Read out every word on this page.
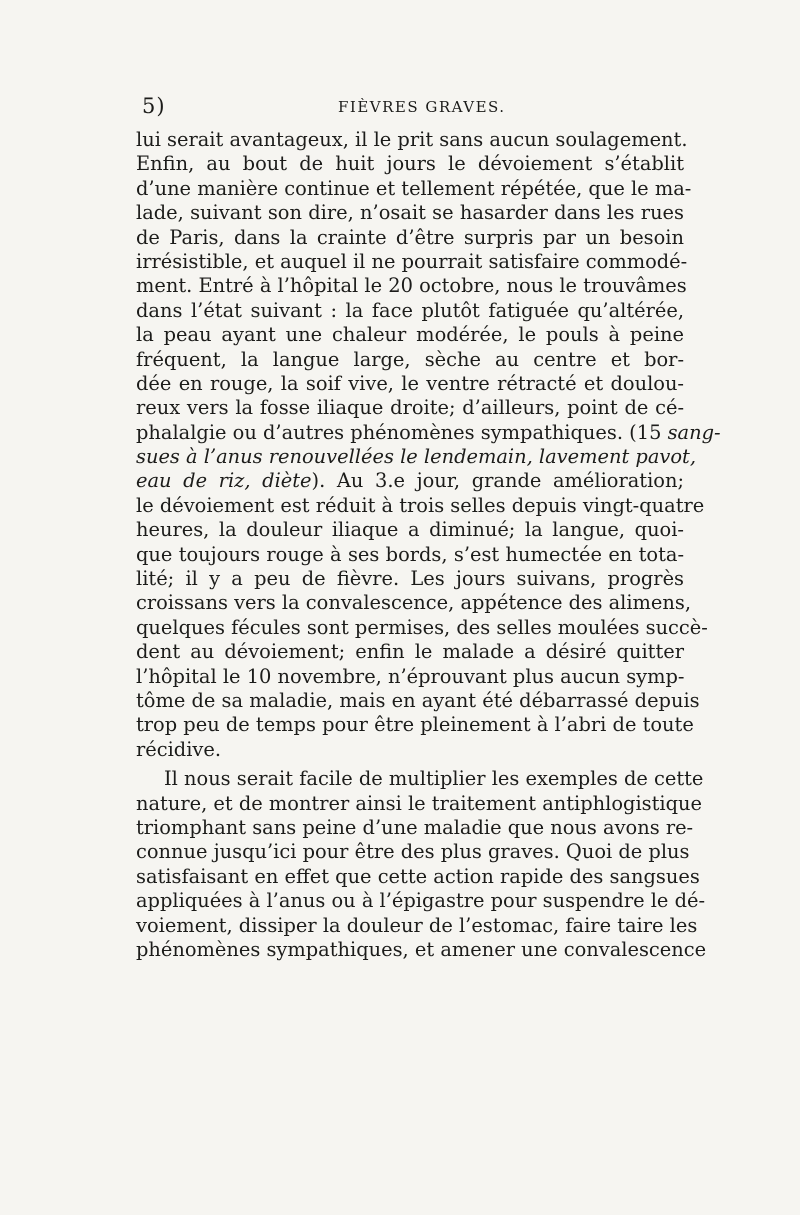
5)	FIÈVRES GRAVES.
lui serait avantageux, il le prit sans aucun soulagement.
Enfin, au bout de huit jours le dévoiement s’établit
d’une manière continue et tellement répétée, que le ma-
lade, suivant son dire, n’osait se hasarder dans les rues
de Paris, dans la crainte d’être surpris par un besoin
irrésistible, et auquel il ne pourrait satisfaire commodé-
ment. Entré à l’hôpital le 20 octobre, nous le trouvâmes
dans l’état suivant : la face plutôt fatiguée qu’altérée,
la peau ayant une chaleur modérée, le pouls à peine
fréquent, la langue large, sèche au centre et bor-
dée en rouge, la soif vive, le ventre rétracté et doulou-
reux vers la fosse iliaque droite; d’ailleurs, point de cé-
phalalgie ou d’autres phénomènes sympathiques. (15 sang-
sues à l’anus renouvellées le lendemain, lavement pavot,
eau de riz, diète). Au 3.e jour, grande amélioration;
le dévoiement est réduit à trois selles depuis vingt-quatre
heures, la douleur iliaque a diminué; la langue, quoi-
que toujours rouge à ses bords, s’est humectée en tota-
lité; il y a peu de fièvre. Les jours suivans, progrès
croissans vers la convalescence, appétence des alimens,
quelques fécules sont permises, des selles moulées succè-
dent au dévoiement; enfin le malade a désiré quitter
l’hôpital le 10 novembre, n’éprouvant plus aucun symp-
tôme de sa maladie, mais en ayant été débarrassé depuis
trop peu de temps pour être pleinement à l’abri de toute
récidive.
Il nous serait facile de multiplier les exemples de cette
nature, et de montrer ainsi le traitement antiphlogistique
triomphant sans peine d’une maladie que nous avons re-
connue jusqu’ici pour être des plus graves. Quoi de plus
satisfaisant en effet que cette action rapide des sangsues
appliquées à l’anus ou à l’épigastre pour suspendre le dé-
voiement, dissiper la douleur de l’estomac, faire taire les
phénomènes sympathiques, et amener une convalescence
